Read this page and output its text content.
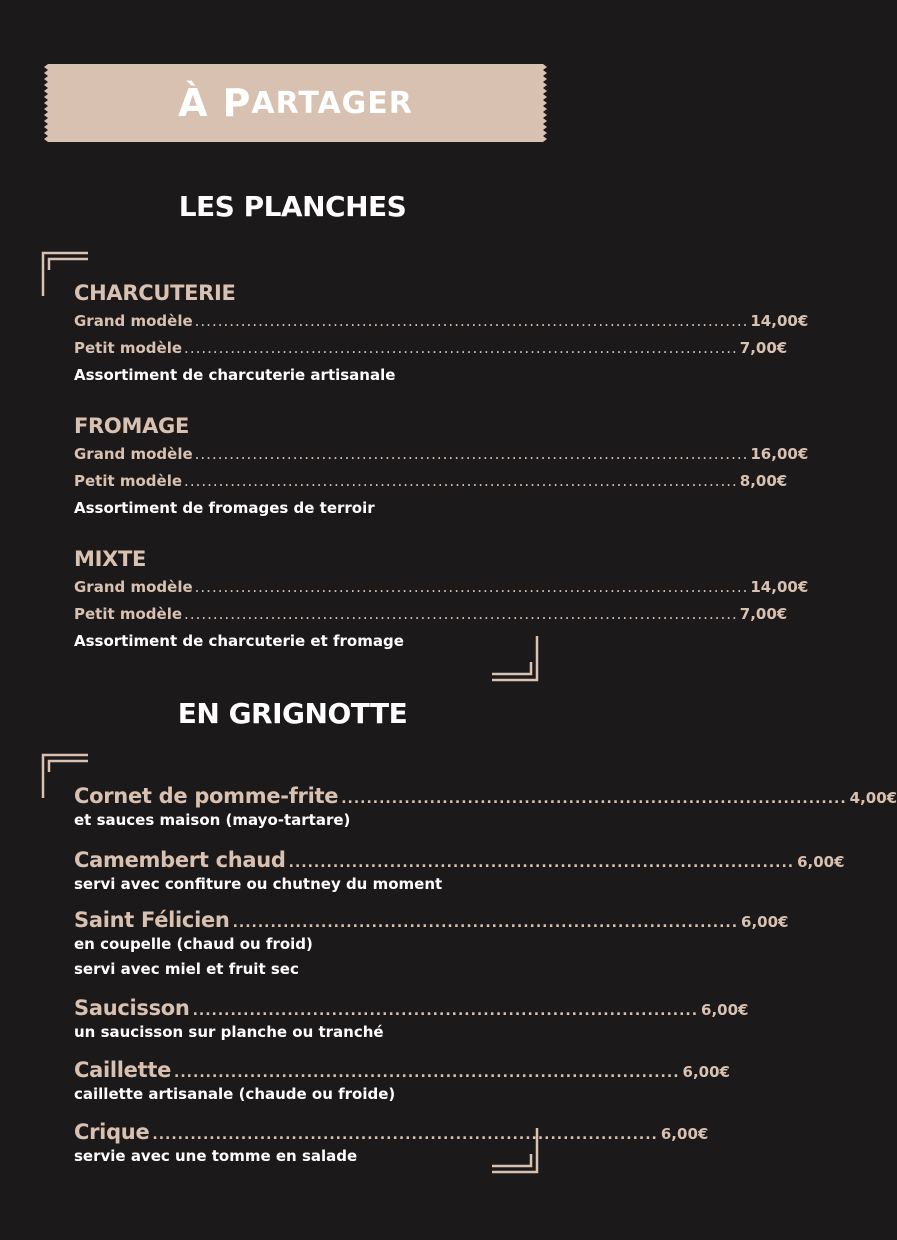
À P ARTAGER
LES PLANCHES
CHARCUTERIE
Grand modèle ................................................................................................ 14,00€
Petit modèle ................................................................................................ 7,00€
Assortiment de charcuterie artisanale
FROMAGE
Grand modèle ................................................................................................ 16,00€
Petit modèle ................................................................................................ 8,00€
Assortiment de fromages de terroir
MIXTE
Grand modèle ................................................................................................ 14,00€
Petit modèle ................................................................................................ 7,00€
Assortiment de charcuterie et fromage
EN GRIGNOTTE
Cornet de pomme-frite ................................................................................ 4,00€
et sauces maison (mayo-tartare)
Camembert chaud ................................................................................ 6,00€
servi avec confiture ou chutney du moment
Saint Félicien ................................................................................ 6,00€
en coupelle (chaud ou froid)
servi avec miel et fruit sec
Saucisson ................................................................................ 6,00€
un saucisson sur planche ou tranché
Caillette ................................................................................ 6,00€
caillette artisanale (chaude ou froide)
Crique ................................................................................ 6,00€
servie avec une tomme en salade
